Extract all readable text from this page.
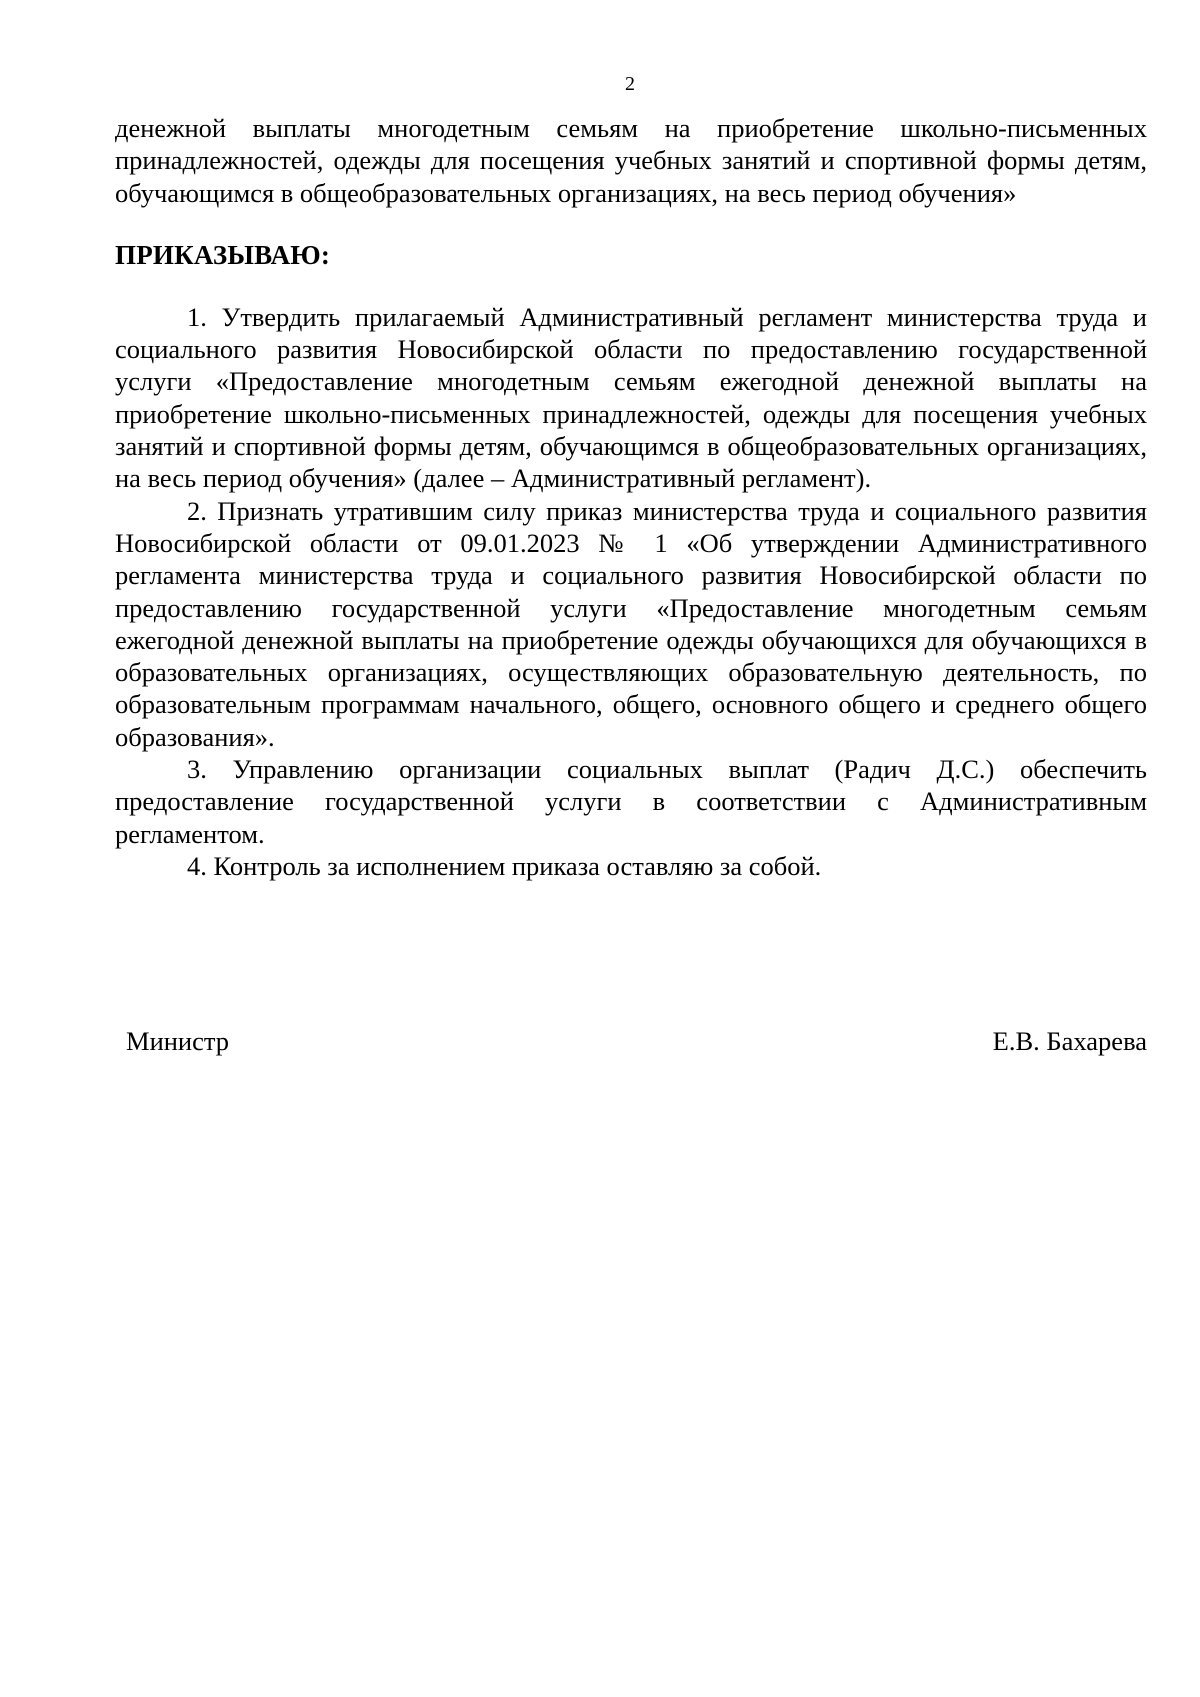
2

денежной выплаты многодетным семьям на приобретение школьно-письменных принадлежностей, одежды для посещения учебных занятий и спортивной формы детям, обучающимся в общеобразовательных организациях, на весь период обучения»

ПРИКАЗЫВАЮ:

1. Утвердить прилагаемый Административный регламент министерства труда и социального развития Новосибирской области по предоставлению государственной услуги «Предоставление многодетным семьям ежегодной денежной выплаты на приобретение школьно-письменных принадлежностей, одежды для посещения учебных занятий и спортивной формы детям, обучающимся в общеобразовательных организациях, на весь период обучения» (далее – Административный регламент).

2. Признать утратившим силу приказ министерства труда и социального развития Новосибирской области от 09.01.2023 № 1 «Об утверждении Административного регламента министерства труда и социального развития Новосибирской области по предоставлению государственной услуги «Предоставление многодетным семьям ежегодной денежной выплаты на приобретение одежды обучающихся для обучающихся в образовательных организациях, осуществляющих образовательную деятельность, по образовательным программам начального, общего, основного общего и среднего общего образования».

3. Управлению организации социальных выплат (Радич Д.С.) обеспечить предоставление государственной услуги в соответствии с Административным регламентом.

4. Контроль за исполнением приказа оставляю за собой.

Министр	Е.В. Бахарева
